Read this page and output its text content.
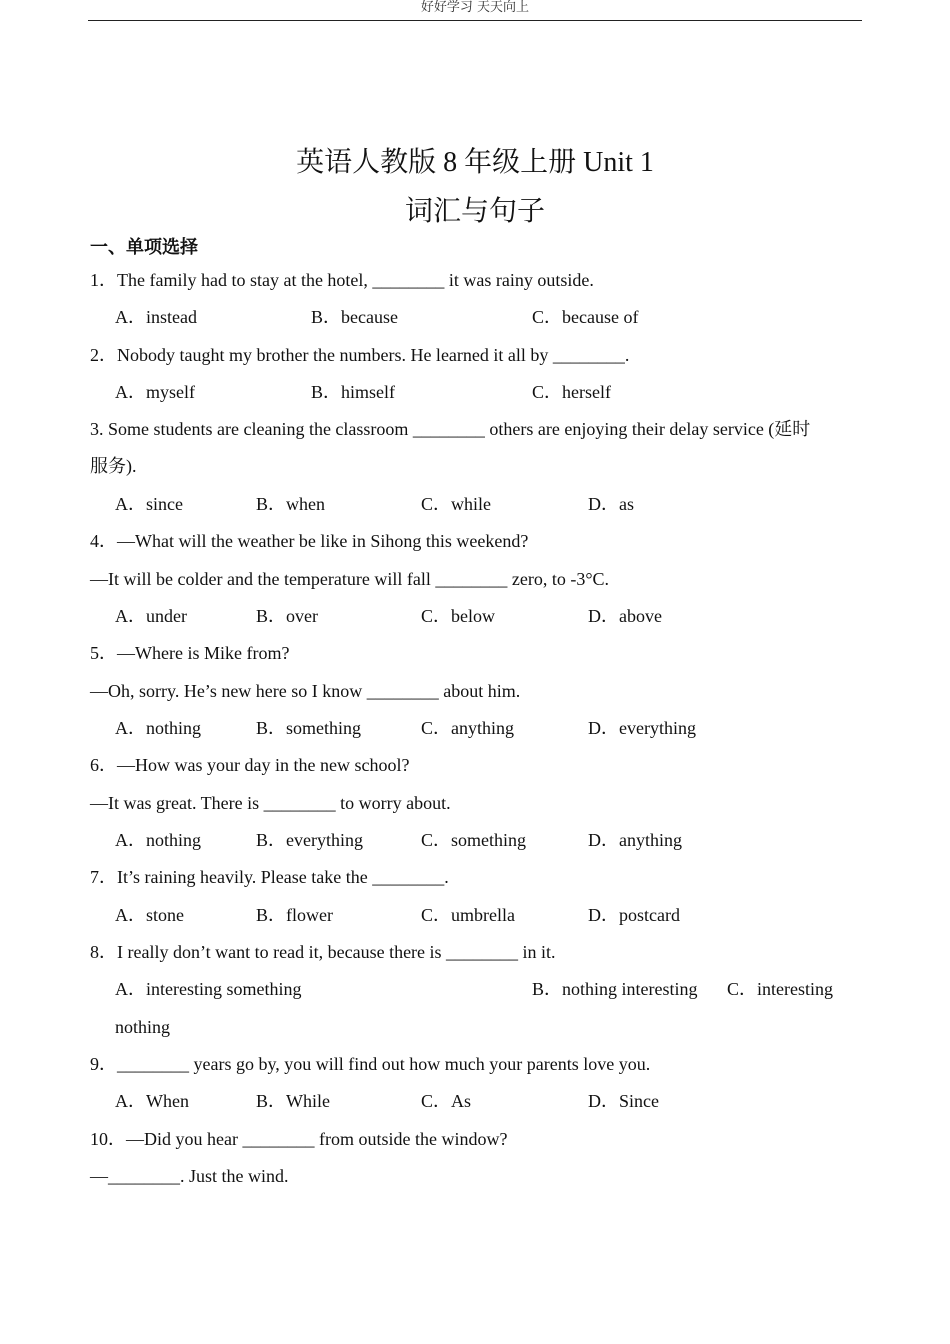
好好学习 天天向上
英语人教版 8 年级上册 Unit 1
词汇与句子
一、单项选择
1．The family had to stay at the hotel, ________ it was rainy outside.
A．instead	B．because	C．because of
2．Nobody taught my brother the numbers. He learned it all by ________.
A．myself	B．himself	C．herself
3. Some students are cleaning the classroom ________ others are enjoying their delay service (延时
服务).
A．since	B．when	C．while	D．as
4．—What will the weather be like in Sihong this weekend?
—It will be colder and the temperature will fall ________ zero, to -3°C.
A．under	B．over	C．below	D．above
5．—Where is Mike from?
—Oh, sorry. He’s new here so I know ________ about him.
A．nothing	B．something	C．anything	D．everything
6．—How was your day in the new school?
—It was great. There is ________ to worry about.
A．nothing	B．everything	C．something	D．anything
7．It’s raining heavily. Please take the ________.
A．stone	B．flower	C．umbrella	D．postcard
8．I really don’t want to read it, because there is ________ in it.
A．interesting something	B．nothing interesting C．interesting
nothing
9．________ years go by, you will find out how much your parents love you.
A．When	B．While	C．As	D．Since
10．—Did you hear ________ from outside the window?
—________. Just the wind.
